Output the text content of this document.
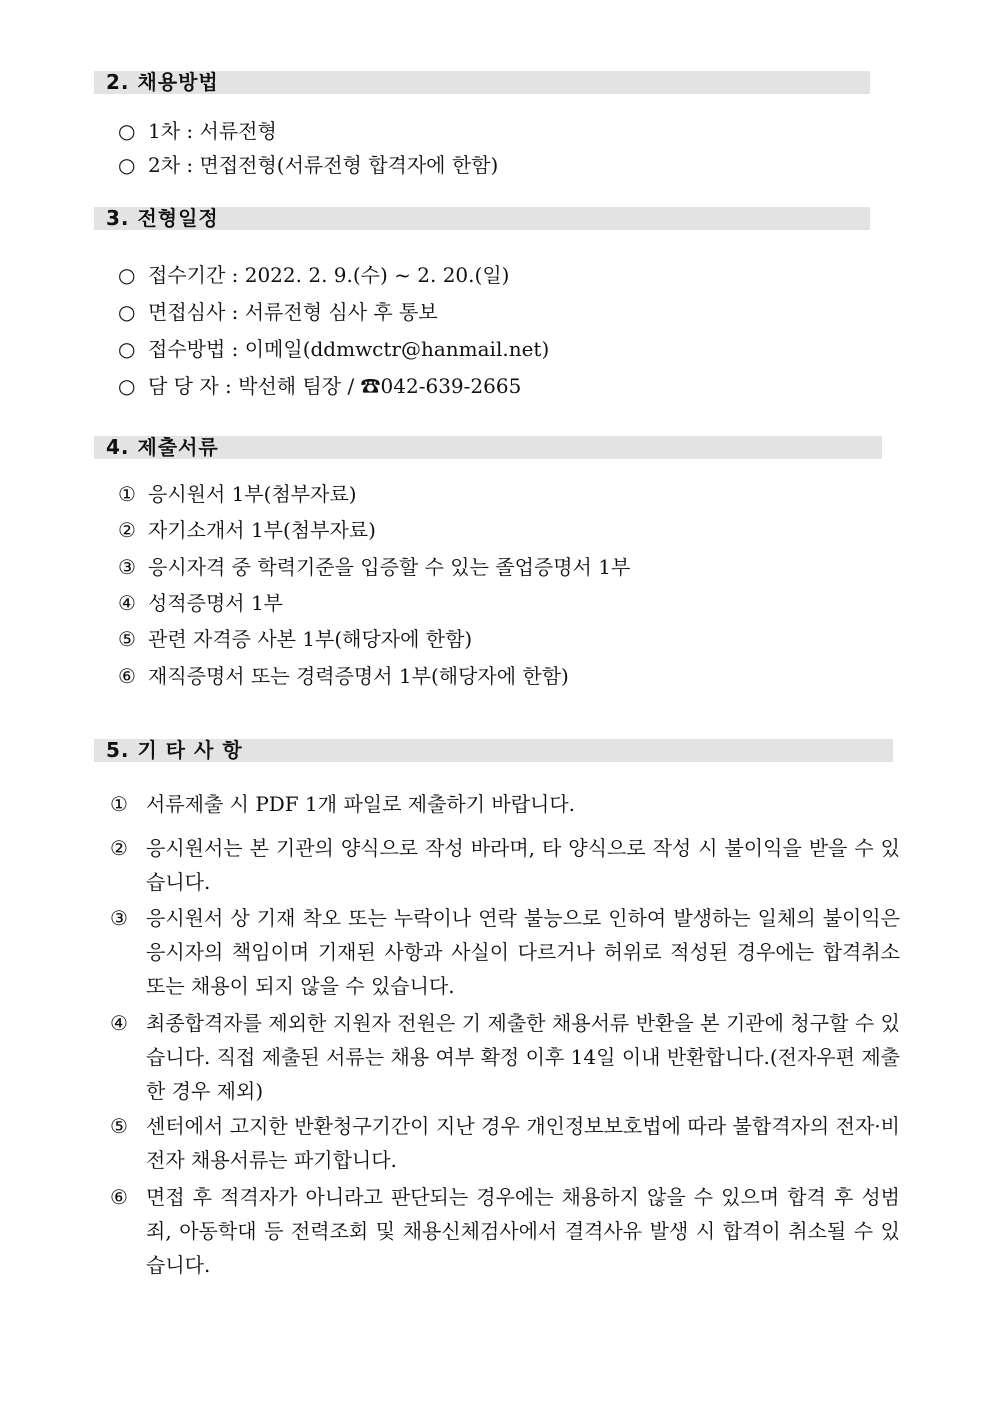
2. 채용방법
○ 1차 : 서류전형
○ 2차 : 면접전형(서류전형 합격자에 한함)
3. 전형일정
○ 접수기간 : 2022. 2. 9.(수) ~ 2. 20.(일)
○ 면접심사 : 서류전형 심사 후 통보
○ 접수방법 : 이메일(ddmwctr@hanmail.net)
○ 담 당 자 : 박선해 팀장 / ☎042-639-2665
4. 제출서류
① 응시원서 1부(첨부자료)
② 자기소개서 1부(첨부자료)
③ 응시자격 중 학력기준을 입증할 수 있는 졸업증명서 1부
④ 성적증명서 1부
⑤ 관련 자격증 사본 1부(해당자에 한함)
⑥ 재직증명서 또는 경력증명서 1부(해당자에 한함)
5. 기 타 사 항
① 서류제출 시 PDF 1개 파일로 제출하기 바랍니다.
② 응시원서는 본 기관의 양식으로 작성 바라며, 타 양식으로 작성 시 불이익을 받을 수 있습니다.
③ 응시원서 상 기재 착오 또는 누락이나 연락 불능으로 인하여 발생하는 일체의 불이익은 응시자의 책임이며 기재된 사항과 사실이 다르거나 허위로 적성된 경우에는 합격취소 또는 채용이 되지 않을 수 있습니다.
④ 최종합격자를 제외한 지원자 전원은 기 제출한 채용서류 반환을 본 기관에 청구할 수 있습니다. 직접 제출된 서류는 채용 여부 확정 이후 14일 이내 반환합니다.(전자우편 제출한 경우 제외)
⑤ 센터에서 고지한 반환청구기간이 지난 경우 개인정보보호법에 따라 불합격자의 전자·비전자 채용서류는 파기합니다.
⑥ 면접 후 적격자가 아니라고 판단되는 경우에는 채용하지 않을 수 있으며 합격 후 성범죄, 아동학대 등 전력조회 및 채용신체검사에서 결격사유 발생 시 합격이 취소될 수 있습니다.
